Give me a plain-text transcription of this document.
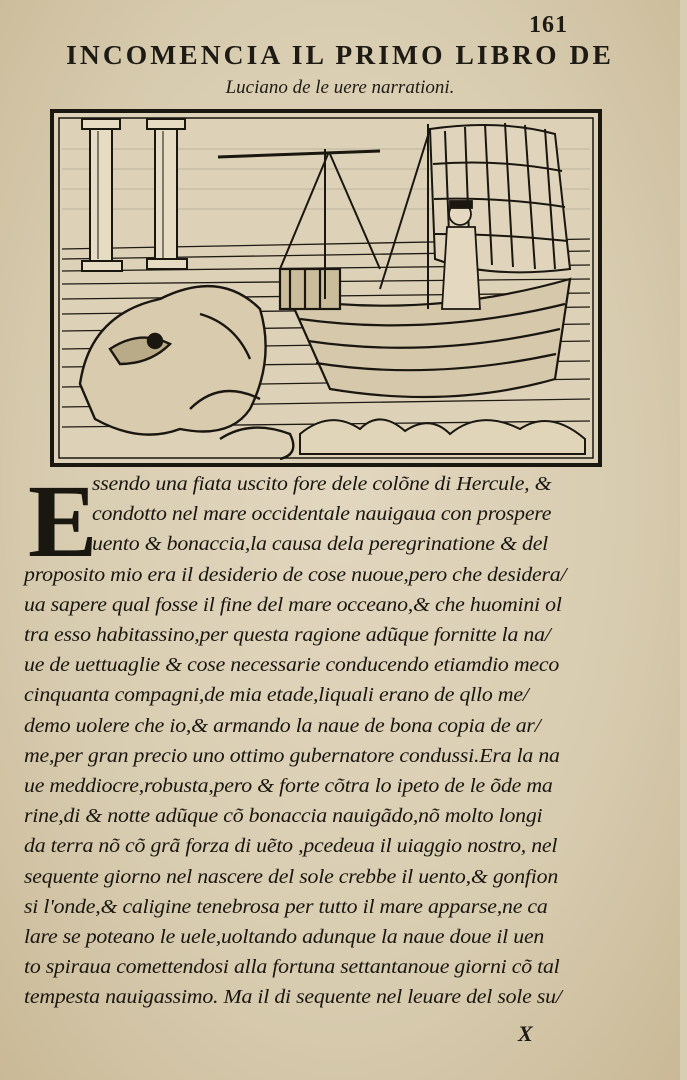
161
INCOMENCIA IL PRIMO LIBRO DE
Luciano de le uere narrationi.
E
ssendo una fiata uscito fore dele colõne di Hercule, &
condotto nel mare occidentale nauigaua con prospere
uento & bonaccia,la causa dela peregrinatione & del
proposito mio era il desiderio de cose nuoue,pero che desidera/
ua sapere qual fosse il fine del mare occeano,& che huomini ol
tra esso habitassino,per questa ragione adũque fornitte la na/
ue de uettuaglie & cose necessarie conducendo etiamdio meco
cinquanta compagni,de mia etade,liquali erano de qllo me/
demo uolere che io,& armando la naue de bona copia de ar/
me,per gran precio uno ottimo gubernatore condussi.Era la na
ue meddiocre,robusta,pero & forte cõtra lo ipeto de le õde ma
rine,di & notte adũque cõ bonaccia nauigãdo,nõ molto longi
da terra nõ cõ grã forza di uẽto ,pcedeua il uiaggio nostro, nel
sequente giorno nel nascere del sole crebbe il uento,& gonfion
si l'onde,& caligine tenebrosa per tutto il mare apparse,ne ca
lare se poteano le uele,uoltando adunque la naue doue il uen
to spiraua comettendosi alla fortuna settantanoue giorni cõ tal
tempesta nauigassimo. Ma il di sequente nel leuare del sole su/
X
